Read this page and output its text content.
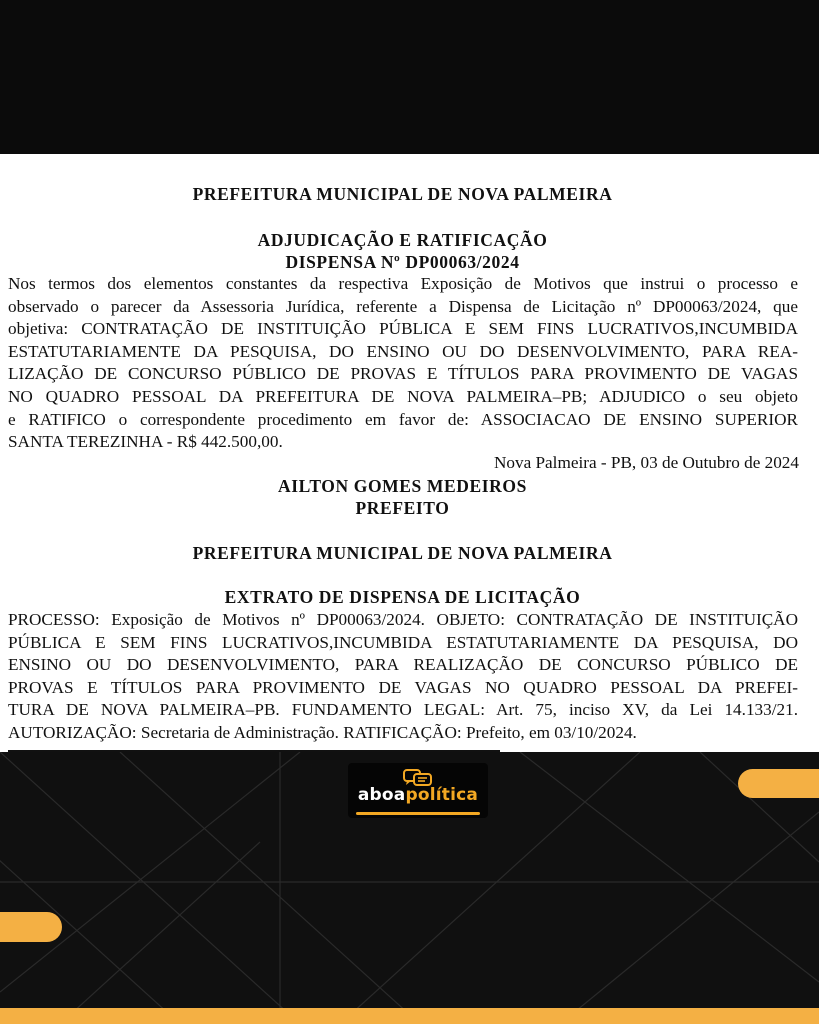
PREFEITURA MUNICIPAL DE NOVA PALMEIRA
ADJUDICAÇÃO E RATIFICAÇÃO
DISPENSA Nº DP00063/2024
Nos termos dos elementos constantes da respectiva Exposição de Motivos que instrui o processo e
observado o parecer da Assessoria Jurídica, referente a Dispensa de Licitação nº DP00063/2024, que
objetiva: CONTRATAÇÃO DE INSTITUIÇÃO PÚBLICA E SEM FINS LUCRATIVOS,INCUMBIDA
ESTATUTARIAMENTE DA PESQUISA, DO ENSINO OU DO DESENVOLVIMENTO, PARA REA-
LIZAÇÃO DE CONCURSO PÚBLICO DE PROVAS E TÍTULOS PARA PROVIMENTO DE VAGAS
NO QUADRO PESSOAL DA PREFEITURA DE NOVA PALMEIRA–PB; ADJUDICO o seu objeto
e RATIFICO o correspondente procedimento em favor de: ASSOCIACAO DE ENSINO SUPERIOR
SANTA TEREZINHA - R$ 442.500,00.
Nova Palmeira - PB, 03 de Outubro de 2024
AILTON GOMES MEDEIROS
PREFEITO
PREFEITURA MUNICIPAL DE NOVA PALMEIRA
EXTRATO DE DISPENSA DE LICITAÇÃO
PROCESSO: Exposição de Motivos nº DP00063/2024. OBJETO: CONTRATAÇÃO DE INSTITUIÇÃO
PÚBLICA E SEM FINS LUCRATIVOS,INCUMBIDA ESTATUTARIAMENTE DA PESQUISA, DO
ENSINO OU DO DESENVOLVIMENTO, PARA REALIZAÇÃO DE CONCURSO PÚBLICO DE
PROVAS E TÍTULOS PARA PROVIMENTO DE VAGAS NO QUADRO PESSOAL DA PREFEI-
TURA DE NOVA PALMEIRA–PB. FUNDAMENTO LEGAL: Art. 75, inciso XV, da Lei 14.133/21.
AUTORIZAÇÃO: Secretaria de Administração. RATIFICAÇÃO: Prefeito, em 03/10/2024.
aboapolítica
